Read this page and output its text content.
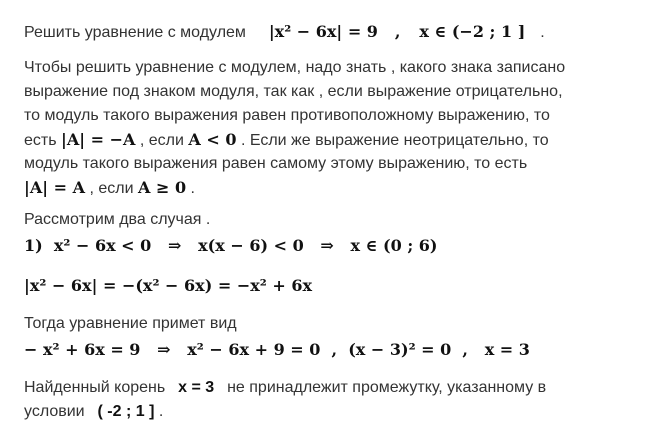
Решить уравнение с модулем |x² − 6x| = 9 , x ∈ (−2 ; 1 ] .
Чтобы решить уравнение с модулем, надо знать , какого знака записано
выражение под знаком модуля, так как , если выражение отрицательно,
то модуль такого выражения равен противоположному выражению, то
есть |A| = −A , если A < 0 . Если же выражение неотрицательно, то
модуль такого выражения равен самому этому выражению, то есть
|A| = A , если A ≥ 0 .
Рассмотрим два случая .
1)  x² − 6x < 0   ⇒   x(x − 6) < 0   ⇒   x ∈ (0 ; 6)
|x² − 6x| = −(x² − 6x) = −x² + 6x
Тогда уравнение примет вид
− x² + 6x = 9   ⇒   x² − 6x + 9 = 0  ,  (x − 3)² = 0  ,   x = 3
Найденный корень x = 3 не принадлежит промежутку, указанному в
условии ( -2 ; 1 ] .
